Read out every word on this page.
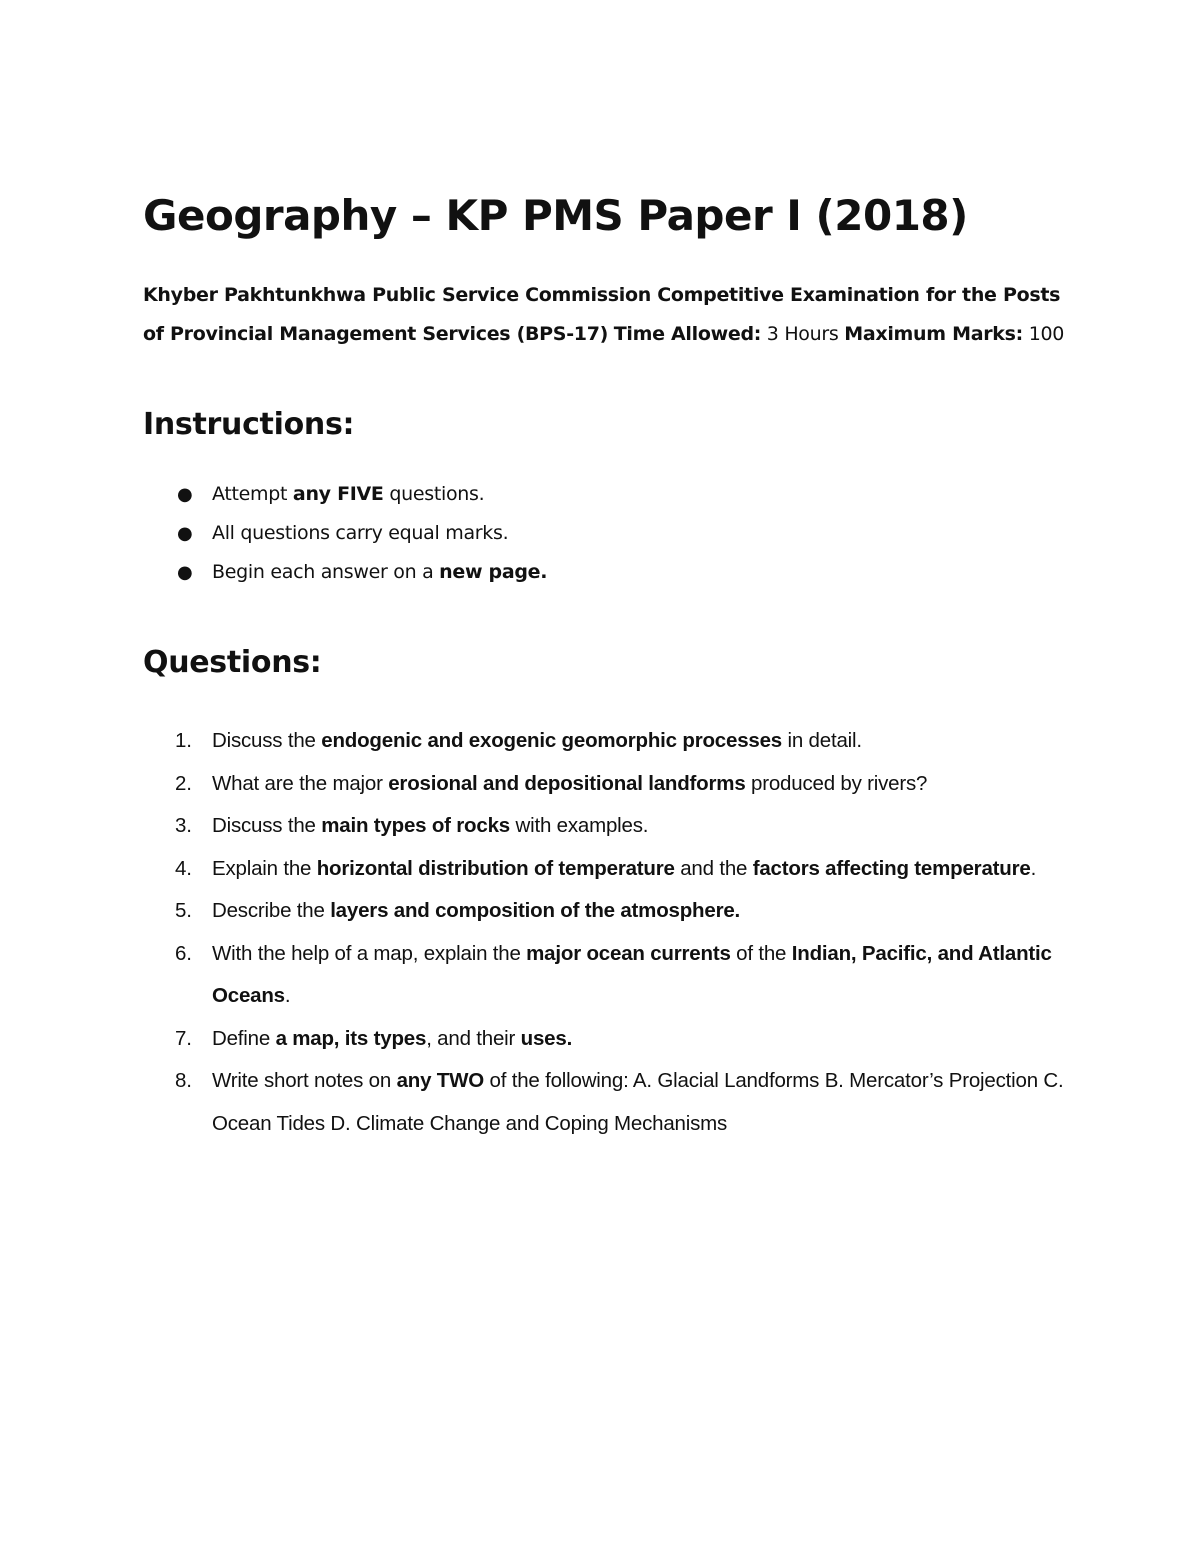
Geography – KP PMS Paper I (2018)

Khyber Pakhtunkhwa Public Service Commission Competitive Examination for the Posts of Provincial Management Services (BPS-17) Time Allowed: 3 Hours Maximum Marks: 100

Instructions:
● Attempt any FIVE questions.
● All questions carry equal marks.
● Begin each answer on a new page.
Questions:
1. Discuss the endogenic and exogenic geomorphic processes in detail.
2. What are the major erosional and depositional landforms produced by rivers?
3. Discuss the main types of rocks with examples.
4. Explain the horizontal distribution of temperature and the factors affecting temperature.
5. Describe the layers and composition of the atmosphere.
6. With the help of a map, explain the major ocean currents of the Indian, Pacific, and Atlantic Oceans.
7. Define a map, its types, and their uses.
8. Write short notes on any TWO of the following: A. Glacial Landforms B. Mercator’s Projection C. Ocean Tides D. Climate Change and Coping Mechanisms
